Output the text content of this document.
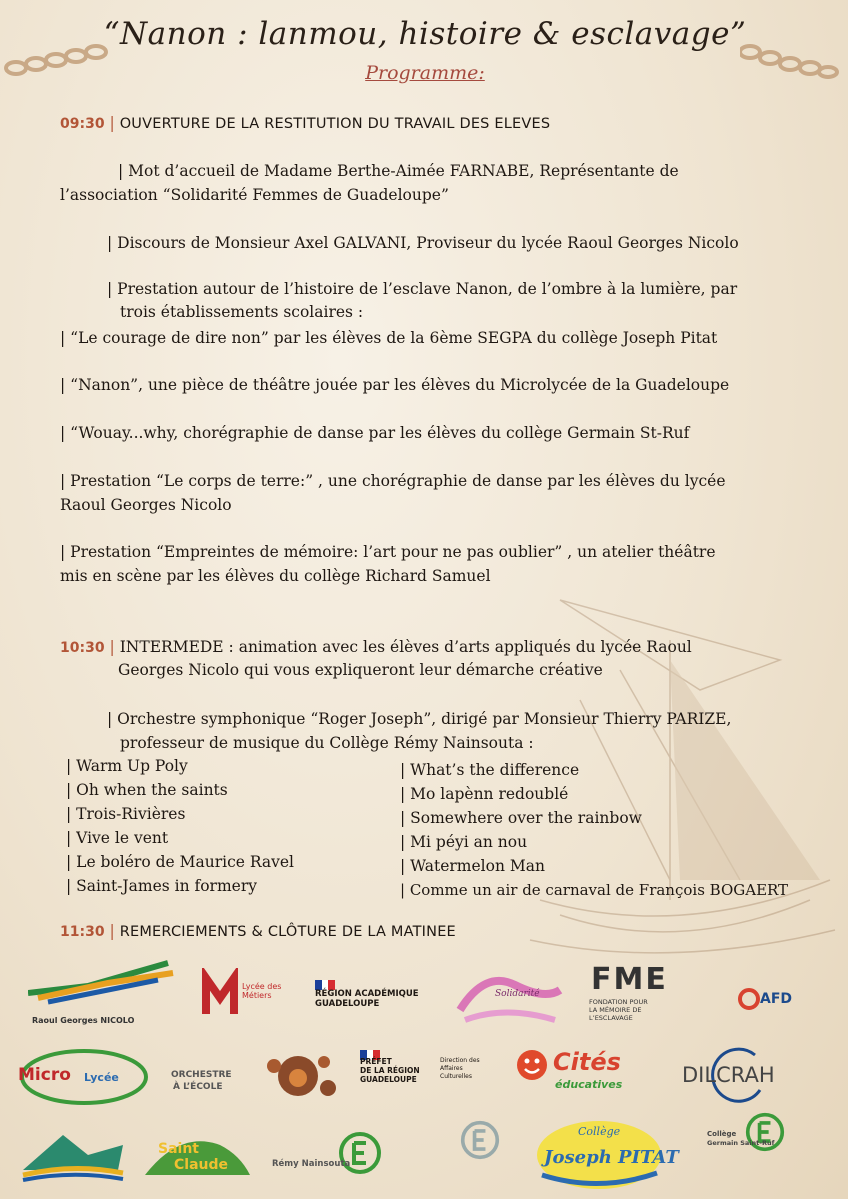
“Nanon : lanmou, histoire & esclavage”
Programme:
09:30 | OUVERTURE DE LA RESTITUTION DU TRAVAIL DES ELEVES
| Mot d’accueil de Madame Berthe-Aimée FARNABE, Représentante de
l’association “Solidarité Femmes de Guadeloupe”
| Discours de Monsieur Axel GALVANI, Proviseur du lycée Raoul Georges Nicolo
| Prestation autour de l’histoire de l’esclave Nanon, de l’ombre à la lumière, par
trois établissements scolaires :
| “Le courage de dire non” par les élèves de la 6ème SEGPA du collège Joseph Pitat
| “Nanon”, une pièce de théâtre jouée par les élèves du Microlycée de la Guadeloupe
| “Wouay...why, chorégraphie de danse par les élèves du collège Germain St-Ruf
| Prestation “Le corps de terre:” , une chorégraphie de danse par les élèves du lycée
Raoul Georges Nicolo
| Prestation “Empreintes de mémoire: l’art pour ne pas oublier” , un atelier théâtre
mis en scène par les élèves du collège Richard Samuel
10:30 | INTERMEDE : animation avec les élèves d’arts appliqués du lycée Raoul
Georges Nicolo qui vous expliqueront leur démarche créative
| Orchestre symphonique “Roger Joseph”, dirigé par Monsieur Thierry PARIZE,
professeur de musique du Collège Rémy Nainsouta :
| Warm Up Poly
| Oh when the saints
| Trois-Rivières
| Vive le vent
| Le boléro de Maurice Ravel
| Saint-James in formery
| What’s the difference
| Mo lapènn redoublé
| Somewhere over the rainbow
| Mi péyi an nou
| Watermelon Man
| Comme un air de carnaval de François BOGAERT
11:30 | REMERCIEMENTS & CLÔTURE DE LA MATINEE
Raoul Georges NICOLO
Lycée des Métiers	RÉGION ACADÉMIQUE
GUADELOUPE
Solidarité FME
FONDATION POUR
LA MÉMOIRE DE
L’ESCLAVAGE
AFD
Micro Lycée	ORCHESTRE
À L’ÉCOLE
PRÉFET
DE LA RÉGION
GUADELOUPE
Direction des
Affaires
Culturelles
Cités
éducatives	DILCRAH
Saint
Claude	Rémy Nainsouta
Collège
Joseph PITAT
Collège
Germain Saint-Ruf
